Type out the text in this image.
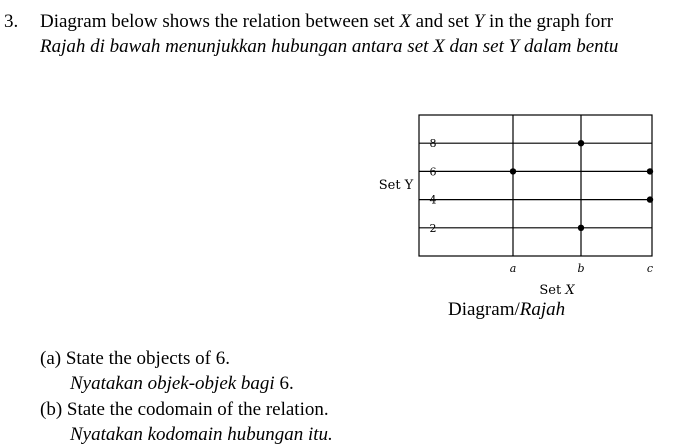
3. Diagram below shows the relation between set X and set Y in the graph forr
Rajah di bawah menunjukkan hubungan antara set X dan set Y dalam bentu
2
4
6
8
a	b	c
Set Y
Set X
Diagram/Rajah
(a) State the objects of 6.
Nyatakan objek-objek bagi 6.
(b) State the codomain of the relation.
Nyatakan kodomain hubungan itu.
